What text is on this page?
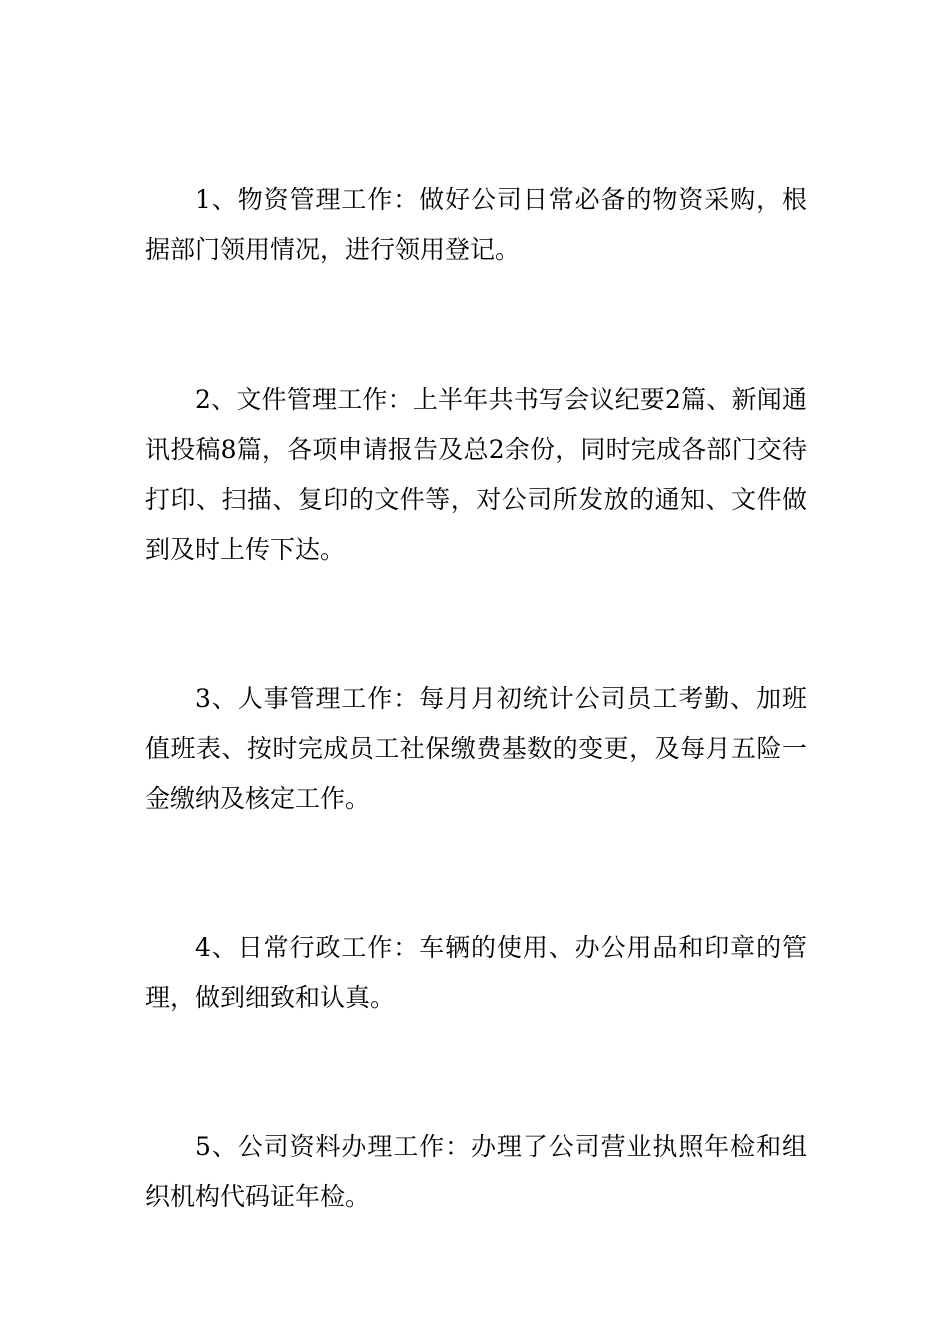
1、物资管理工作：做好公司日常必备的物资采购，根据部门领用情况，进行领用登记。

2、文件管理工作：上半年共书写会议纪要2篇、新闻通讯投稿8篇，各项申请报告及总2余份，同时完成各部门交待打印、扫描、复印的文件等，对公司所发放的通知、文件做到及时上传下达。

3、人事管理工作：每月月初统计公司员工考勤、加班值班表、按时完成员工社保缴费基数的变更，及每月五险一金缴纳及核定工作。

4、日常行政工作：车辆的使用、办公用品和印章的管理，做到细致和认真。

5、公司资料办理工作：办理了公司营业执照年检和组织机构代码证年检。
